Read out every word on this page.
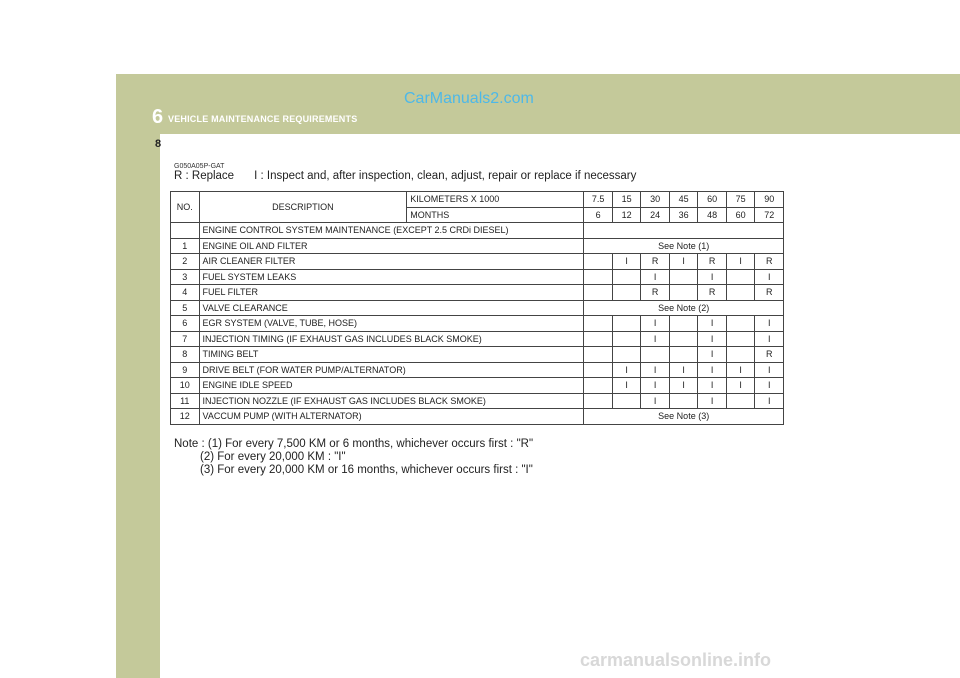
6 VEHICLE MAINTENANCE REQUIREMENTS
CarManuals2.com
8
G050A05P-GAT
R : Replace I : Inspect and, after inspection, clean, adjust, repair or replace if necessary
NO.	DESCRIPTION	KILOMETERS X 1000	7.5	15	30	45	60	75	90
		MONTHS	6	12	24	36	48	60	72
	ENGINE CONTROL SYSTEM MAINTENANCE (EXCEPT 2.5 CRDi DIESEL)								
1	ENGINE OIL AND FILTER		See Note (1)						
2	AIR CLEANER FILTER			I	R	I	R	I	R
3	FUEL SYSTEM LEAKS				I		I		I
4	FUEL FILTER				R		R		R
5	VALVE CLEARANCE		See Note (2)						
6	EGR SYSTEM (VALVE, TUBE, HOSE)				I		I		I
7	INJECTION TIMING (IF EXHAUST GAS INCLUDES BLACK SMOKE)				I		I		I
8	TIMING BELT						I		R
9	DRIVE BELT (FOR WATER PUMP/ALTERNATOR)			I	I	I	I	I	I
10	ENGINE IDLE SPEED			I	I	I	I	I	I
11	INJECTION NOZZLE (IF EXHAUST GAS INCLUDES BLACK SMOKE)				I		I		I
12	VACCUM PUMP (WITH ALTERNATOR)		See Note (3)						
Note : (1) For every 7,500 KM or 6 months, whichever occurs first : "R"
(2) For every 20,000 KM : "I"
(3) For every 20,000 KM or 16 months, whichever occurs first : "I"
carmanualsonline.info
